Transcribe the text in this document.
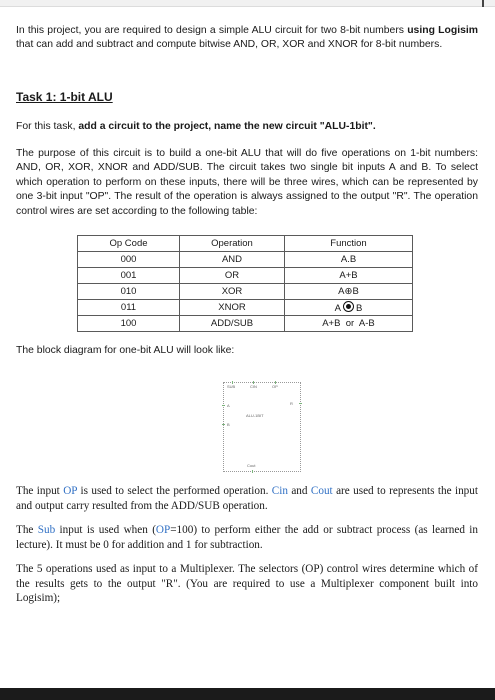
In this project, you are required to design a simple ALU circuit for two 8-bit numbers using Logisim that can add and subtract and compute bitwise AND, OR, XOR and XNOR for 8-bit numbers.
Task 1: 1-bit ALU
For this task, add a circuit to the project, name the new circuit "ALU-1bit".
The purpose of this circuit is to build a one-bit ALU that will do five operations on 1-bit numbers: AND, OR, XOR, XNOR and ADD/SUB. The circuit takes two single bit inputs A and B. To select which operation to perform on these inputs, there will be three wires, which can be represented by one 3-bit input "OP". The result of the operation is always assigned to the output "R". The operation control wires are set according to the following table:
Op Code	Operation	Function
000	AND	A.B
001	OR	A+B
010	XOR	A⊕B
011	XNOR	A B
100	ADD/SUB	A+B  or  A-B
The block diagram for one-bit ALU will look like:
SUB	CIN	OP
R
A
B
ALU-1BIT
Cout
The input OP is used to select the performed operation. Cin and Cout are used to represents the input and output carry resulted from the ADD/SUB operation.
The Sub input is used when (OP=100) to perform either the add or subtract process (as learned in lecture). It must be 0 for addition and 1 for subtraction.
The 5 operations used as input to a Multiplexer. The selectors (OP) control wires determine which of the results gets to the output "R". (You are required to use a Multiplexer component built into Logisim);
